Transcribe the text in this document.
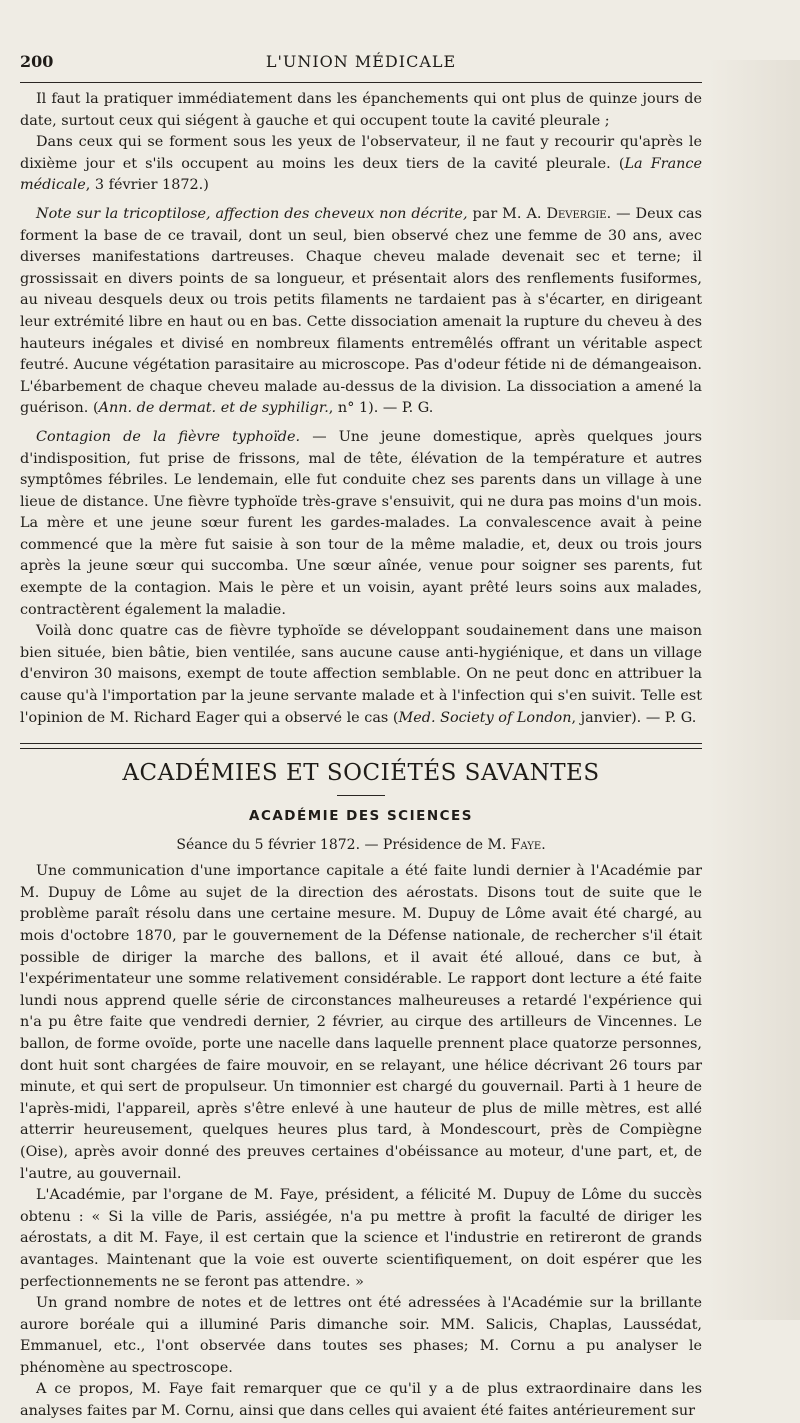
200	L'UNION MÉDICALE

Il faut la pratiquer immédiatement dans les épanchements qui ont plus de quinze jours de date, surtout ceux qui siégent à gauche et qui occupent toute la cavité pleurale ;

Dans ceux qui se forment sous les yeux de l'observateur, il ne faut y recourir qu'après le dixième jour et s'ils occupent au moins les deux tiers de la cavité pleurale. (La France médicale, 3 février 1872.)

Note sur la tricoptilose, affection des cheveux non décrite, par M. A. Devergie. — Deux cas forment la base de ce travail, dont un seul, bien observé chez une femme de 30 ans, avec diverses manifestations dartreuses. Chaque cheveu malade devenait sec et terne; il grossissait en divers points de sa longueur, et présentait alors des renflements fusiformes, au niveau desquels deux ou trois petits filaments ne tardaient pas à s'écarter, en dirigeant leur extrémité libre en haut ou en bas. Cette dissociation amenait la rupture du cheveu à des hauteurs inégales et divisé en nombreux filaments entremêlés offrant un véritable aspect feutré. Aucune végétation parasitaire au microscope. Pas d'odeur fétide ni de démangeaison. L'ébarbement de chaque cheveu malade au-dessus de la division. La dissociation a amené la guérison. (Ann. de dermat. et de syphiligr., n° 1). — P. G.

Contagion de la fièvre typhoïde. — Une jeune domestique, après quelques jours d'indisposition, fut prise de frissons, mal de tête, élévation de la température et autres symptômes fébriles. Le lendemain, elle fut conduite chez ses parents dans un village à une lieue de distance. Une fièvre typhoïde très-grave s'ensuivit, qui ne dura pas moins d'un mois. La mère et une jeune sœur furent les gardes-malades. La convalescence avait à peine commencé que la mère fut saisie à son tour de la même maladie, et, deux ou trois jours après la jeune sœur qui succomba. Une sœur aînée, venue pour soigner ses parents, fut exempte de la contagion. Mais le père et un voisin, ayant prêté leurs soins aux malades, contractèrent également la maladie.

Voilà donc quatre cas de fièvre typhoïde se développant soudainement dans une maison bien située, bien bâtie, bien ventilée, sans aucune cause anti-hygiénique, et dans un village d'environ 30 maisons, exempt de toute affection semblable. On ne peut donc en attribuer la cause qu'à l'importation par la jeune servante malade et à l'infection qui s'en suivit. Telle est l'opinion de M. Richard Eager qui a observé le cas (Med. Society of London, janvier). — P. G.

ACADÉMIES ET SOCIÉTÉS SAVANTES
ACADÉMIE DES SCIENCES
Séance du 5 février 1872. — Présidence de M. Faye.

Une communication d'une importance capitale a été faite lundi dernier à l'Académie par M. Dupuy de Lôme au sujet de la direction des aérostats. Disons tout de suite que le problème paraît résolu dans une certaine mesure. M. Dupuy de Lôme avait été chargé, au mois d'octobre 1870, par le gouvernement de la Défense nationale, de rechercher s'il était possible de diriger la marche des ballons, et il avait été alloué, dans ce but, à l'expérimentateur une somme relativement considérable. Le rapport dont lecture a été faite lundi nous apprend quelle série de circonstances malheureuses a retardé l'expérience qui n'a pu être faite que vendredi dernier, 2 février, au cirque des artilleurs de Vincennes. Le ballon, de forme ovoïde, porte une nacelle dans laquelle prennent place quatorze personnes, dont huit sont chargées de faire mouvoir, en se relayant, une hélice décrivant 26 tours par minute, et qui sert de propulseur. Un timonnier est chargé du gouvernail. Parti à 1 heure de l'après-midi, l'appareil, après s'être enlevé à une hauteur de plus de mille mètres, est allé atterrir heureusement, quelques heures plus tard, à Mondescourt, près de Compiègne (Oise), après avoir donné des preuves certaines d'obéissance au moteur, d'une part, et, de l'autre, au gouvernail.

L'Académie, par l'organe de M. Faye, président, a félicité M. Dupuy de Lôme du succès obtenu : « Si la ville de Paris, assiégée, n'a pu mettre à profit la faculté de diriger les aérostats, a dit M. Faye, il est certain que la science et l'industrie en retireront de grands avantages. Maintenant que la voie est ouverte scientifiquement, on doit espérer que les perfectionnements ne se feront pas attendre. »

Un grand nombre de notes et de lettres ont été adressées à l'Académie sur la brillante aurore boréale qui a illuminé Paris dimanche soir. MM. Salicis, Chaplas, Laussédat, Emmanuel, etc., l'ont observée dans toutes ses phases; M. Cornu a pu analyser le phénomène au spectroscope.

A ce propos, M. Faye fait remarquer que ce qu'il y a de plus extraordinaire dans les analyses faites par M. Cornu, ainsi que dans celles qui avaient été faites antérieurement sur
